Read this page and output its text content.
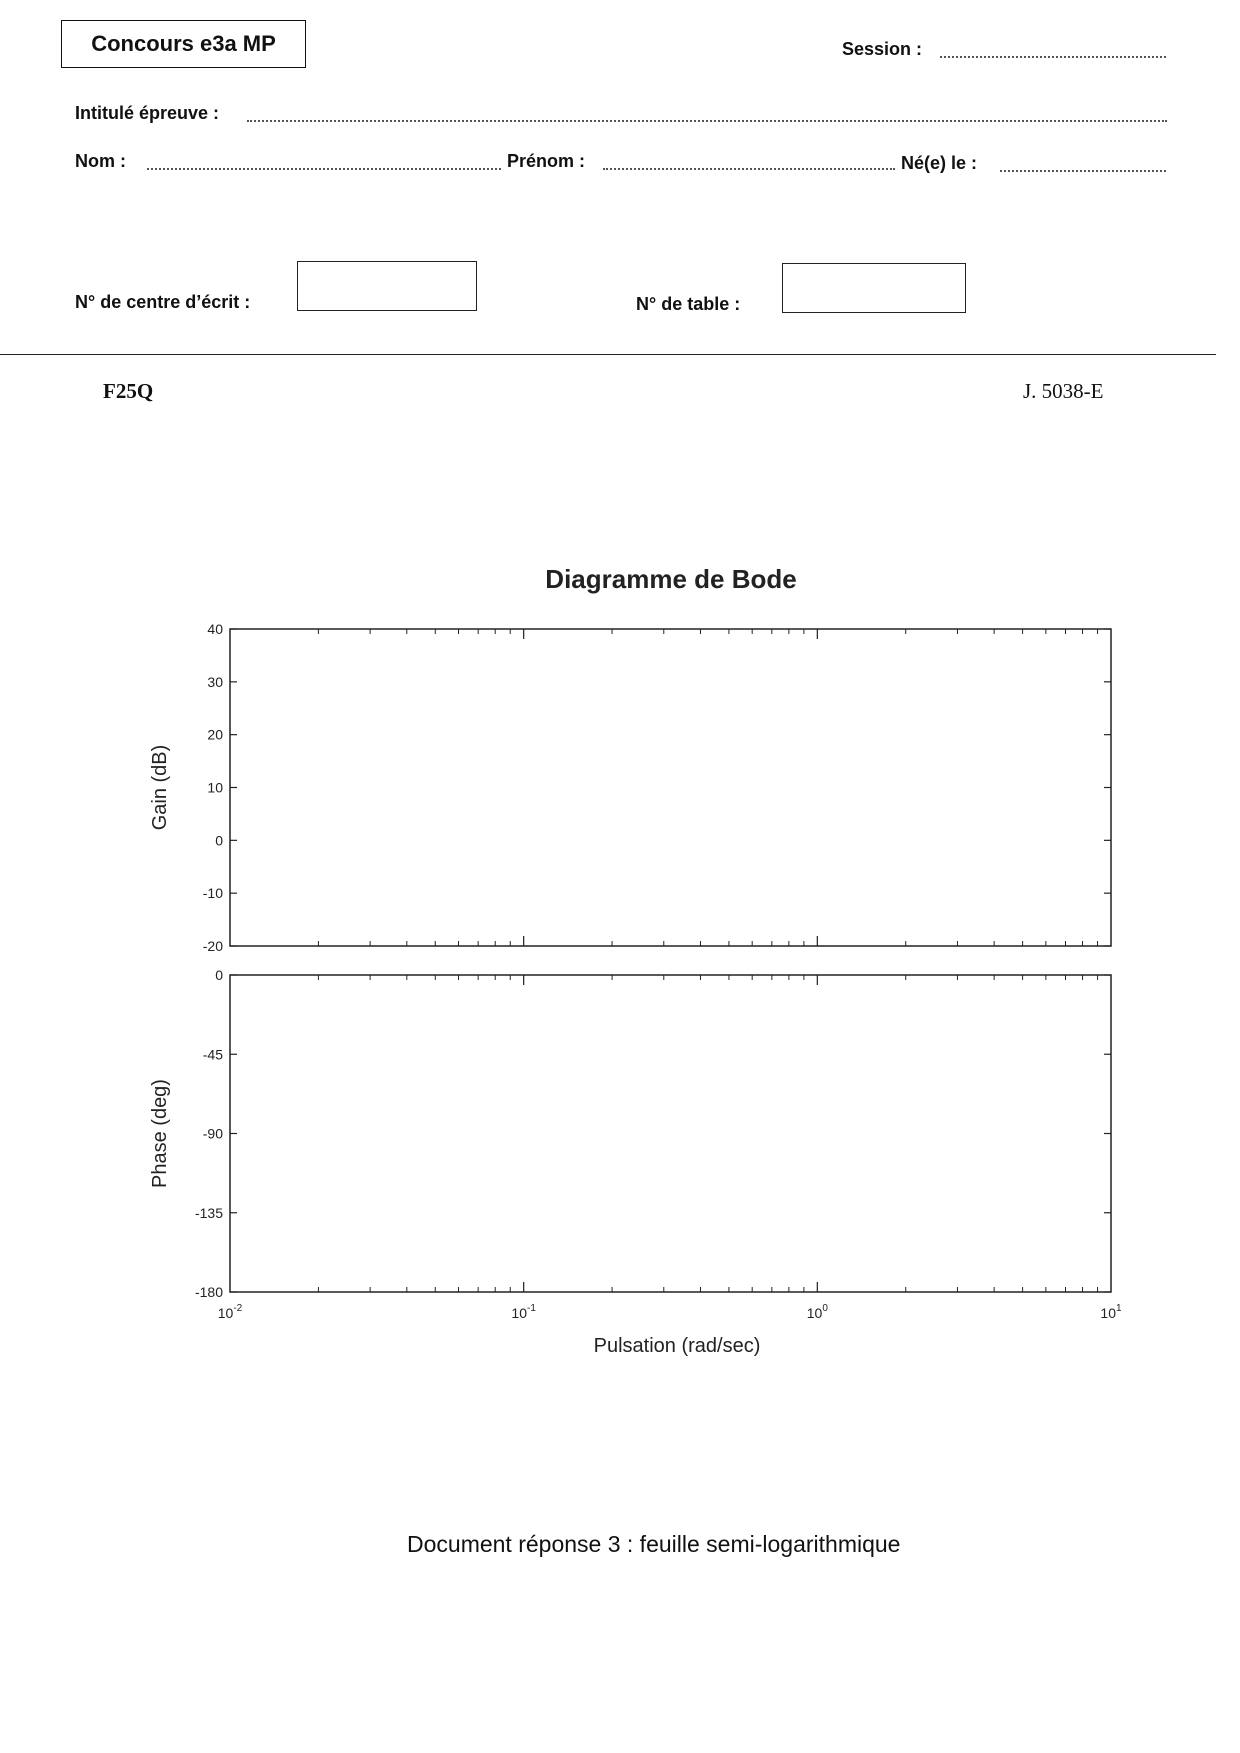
Concours e3a MP	Session :
Intitulé épreuve :
Nom :	Prénom :	Né(e) le :
N° de centre d’écrit :	N° de table :
F25Q	J. 5038-E
Diagramme de Bode
40
30
20
10
0
-10
-20
Gain (dB)
0
-45
-90
-135
-180
Phase (deg)
Pulsation (rad/sec)
$10^{-2}$	$10^{-1}$	$10^0$	$10^1$
Document réponse 3 : feuille semi-logarithmique
